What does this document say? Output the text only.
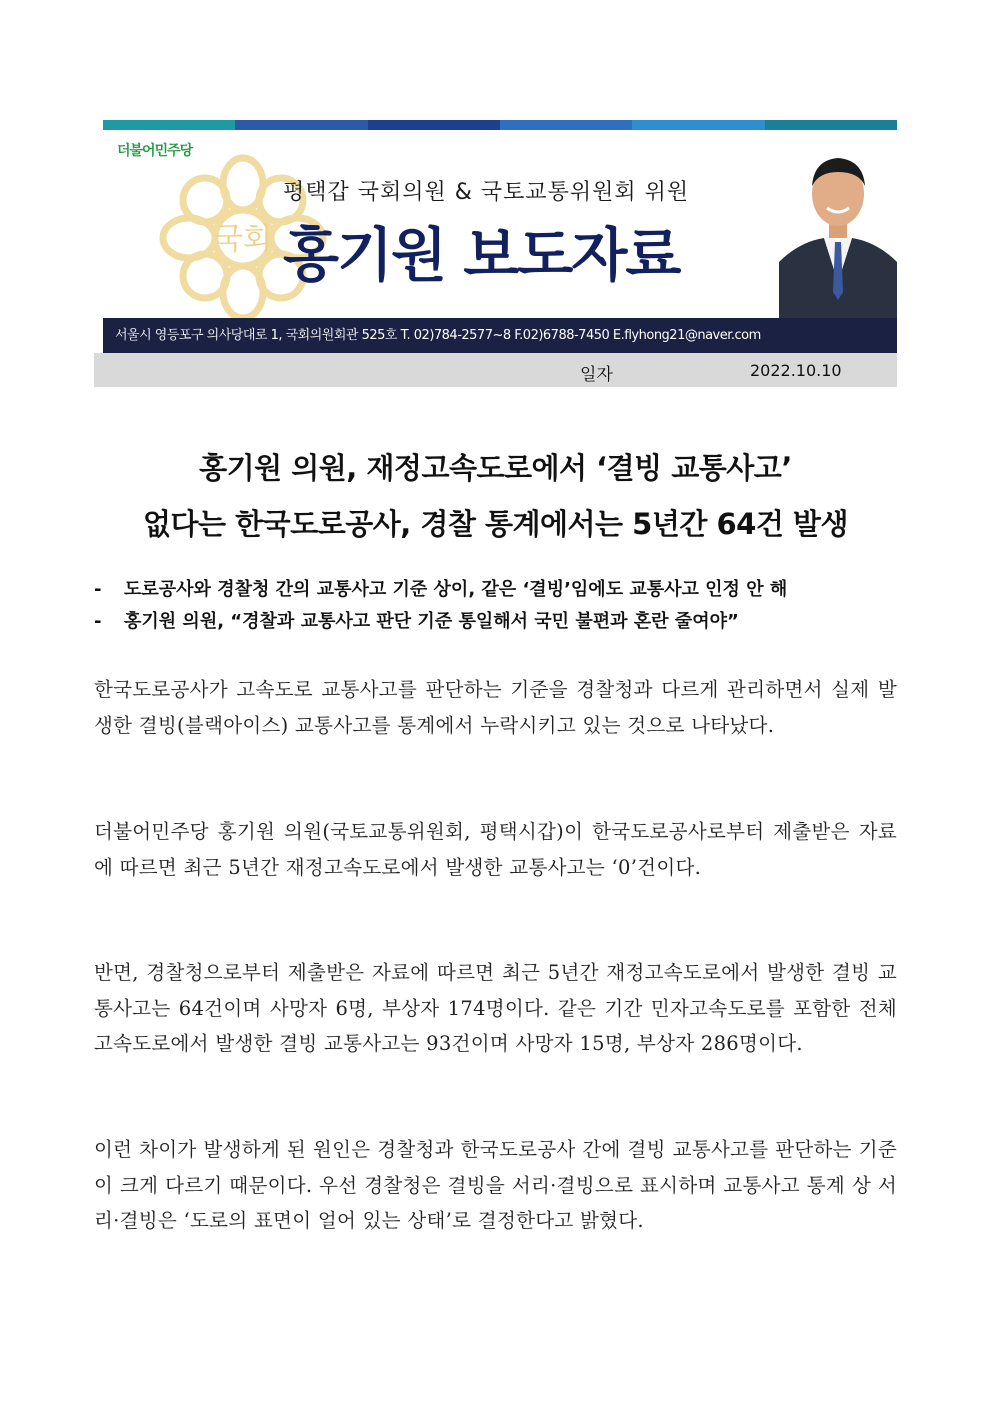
더불어민주당
국회
평택갑 국회의원 & 국토교통위원회 위원
홍기원 보도자료
서울시 영등포구 의사당대로 1, 국회의원회관 525호 T. 02)784-2577~8 F.02)6788-7450 E.flyhong21@naver.com
일자	2022.10.10
홍기원 의원, 재정고속도로에서 ‘결빙 교통사고’
없다는 한국도로공사, 경찰 통계에서는 5년간 64건 발생
- 도로공사와 경찰청 간의 교통사고 기준 상이, 같은 ‘결빙’임에도 교통사고 인정 안 해
- 홍기원 의원, “경찰과 교통사고 판단 기준 통일해서 국민 불편과 혼란 줄여야”

한국도로공사가 고속도로 교통사고를 판단하는 기준을 경찰청과 다르게 관리하면서 실제 발생한 결빙(블랙아이스) 교통사고를 통계에서 누락시키고 있는 것으로 나타났다.

더불어민주당 홍기원 의원(국토교통위원회, 평택시갑)이 한국도로공사로부터 제출받은 자료에 따르면 최근 5년간 재정고속도로에서 발생한 교통사고는 ‘0’건이다.

반면, 경찰청으로부터 제출받은 자료에 따르면 최근 5년간 재정고속도로에서 발생한 결빙 교통사고는 64건이며 사망자 6명, 부상자 174명이다. 같은 기간 민자고속도로를 포함한 전체 고속도로에서 발생한 결빙 교통사고는 93건이며 사망자 15명, 부상자 286명이다.

이런 차이가 발생하게 된 원인은 경찰청과 한국도로공사 간에 결빙 교통사고를 판단하는 기준이 크게 다르기 때문이다. 우선 경찰청은 결빙을 서리·결빙으로 표시하며 교통사고 통계 상 서리·결빙은 ‘도로의 표면이 얼어 있는 상태’로 결정한다고 밝혔다.
